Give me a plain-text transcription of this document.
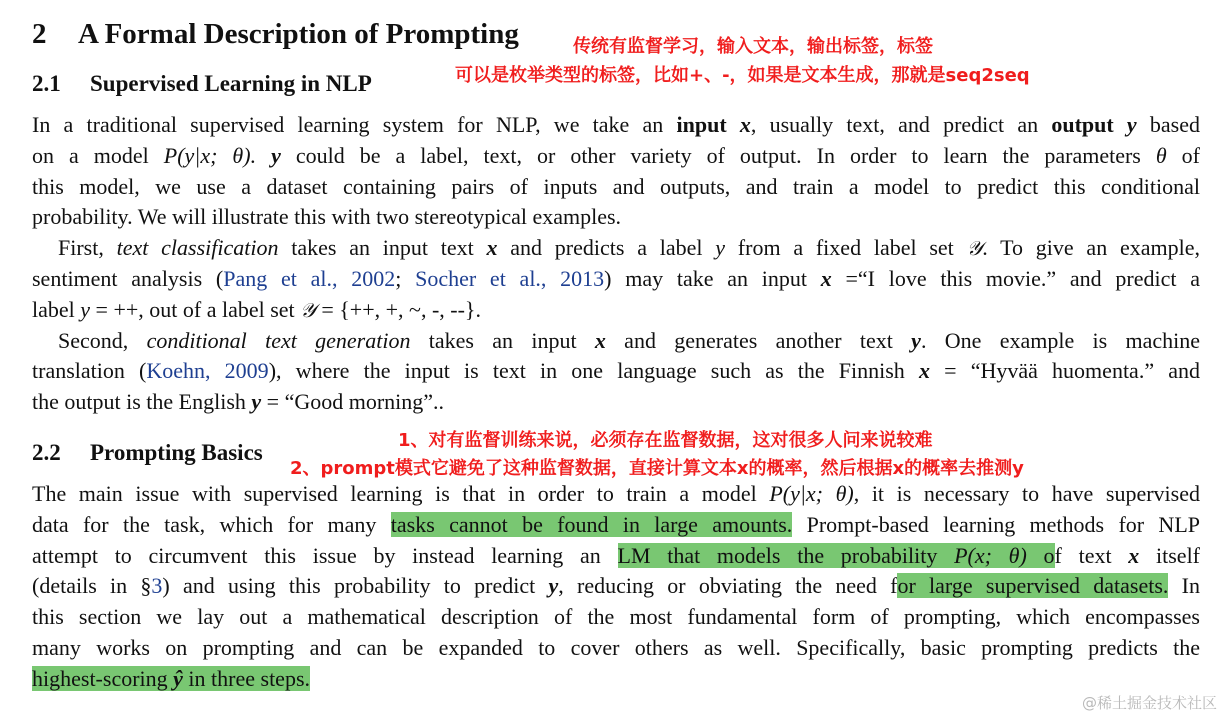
2 A Formal Description of Prompting
2.1 Supervised Learning in NLP
2.2 Prompting Basics
传统有监督学习，输入文本，输出标签，标签
可以是枚举类型的标签，比如+、-，如果是文本生成，那就是seq2seq
1、对有监督训练来说，必须存在监督数据，这对很多人问来说较难
2、prompt模式它避免了这种监督数据，直接计算文本x的概率，然后根据x的概率去推测y
In a traditional supervised learning system for NLP, we take an input x, usually text, and predict an output y based
on a model P(y|x; θ). y could be a label, text, or other variety of output. In order to learn the parameters θ of
this model, we use a dataset containing pairs of inputs and outputs, and train a model to predict this conditional
probability. We will illustrate this with two stereotypical examples.
First, text classification takes an input text x and predicts a label y from a fixed label set 𝒴. To give an example,
sentiment analysis (Pang et al., 2002; Socher et al., 2013) may take an input x =“I love this movie.” and predict a
label y = ++, out of a label set 𝒴 = {++, +, ~, -, --}.
Second, conditional text generation takes an input x and generates another text y. One example is machine
translation (Koehn, 2009), where the input is text in one language such as the Finnish x = “Hyvää huomenta.” and
the output is the English y = “Good morning”..
The main issue with supervised learning is that in order to train a model P(y|x; θ), it is necessary to have supervised
data for the task, which for many tasks cannot be found in large amounts. Prompt-based learning methods for NLP
attempt to circumvent this issue by instead learning an LM that models the probability P(x; θ) of text x itself
(details in §3) and using this probability to predict y, reducing or obviating the need for large supervised datasets. In
this section we lay out a mathematical description of the most fundamental form of prompting, which encompasses
many works on prompting and can be expanded to cover others as well. Specifically, basic prompting predicts the
highest-scoring ŷ in three steps.
@稀土掘金技术社区
